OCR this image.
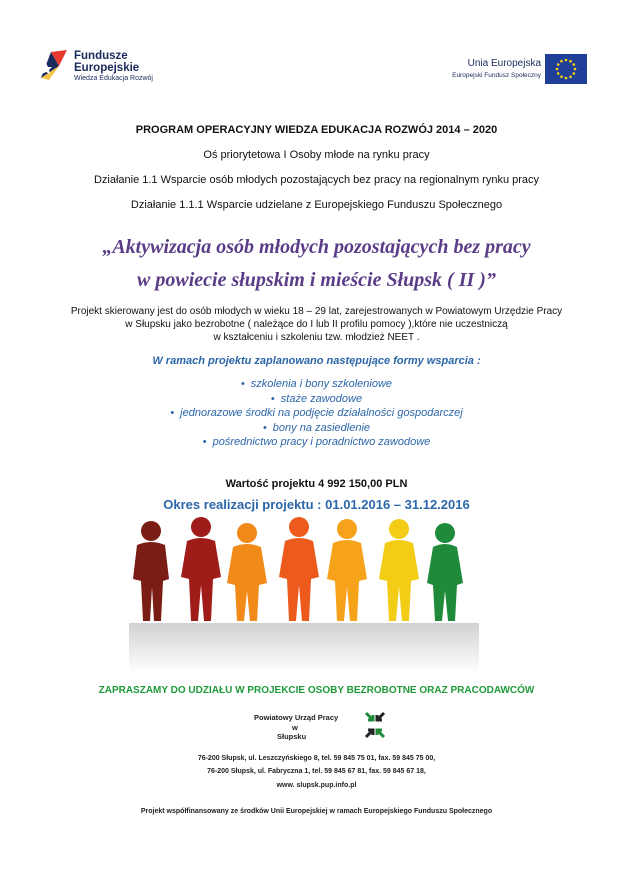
Fundusze
Europejskie
Wiedza Edukacja Rozwój
Unia Europejska
Europejski Fundusz Społeczny
PROGRAM OPERACYJNY WIEDZA EDUKACJA ROZWÓJ 2014 – 2020
Oś priorytetowa I Osoby młode na rynku pracy
Działanie 1.1 Wsparcie osób młodych pozostających bez pracy na regionalnym rynku pracy
Działanie 1.1.1 Wsparcie udzielane z Europejskiego Funduszu Społecznego
„Aktywizacja osób młodych pozostających bez pracy
w powiecie słupskim i mieście Słupsk ( II )”
Projekt skierowany jest do osób młodych w wieku 18 – 29 lat, zarejestrowanych w Powiatowym Urzędzie Pracy
w Słupsku jako bezrobotne ( należące do I lub II profilu pomocy ),które nie uczestniczą
w kształceniu i szkoleniu tzw. młodzież NEET .
W ramach projektu zaplanowano następujące formy wsparcia :
• szkolenia i bony szkoleniowe
• staże zawodowe
• jednorazowe środki na podjęcie działalności gospodarczej
• bony na zasiedlenie
• pośrednictwo pracy i poradnictwo zawodowe
Wartość projektu 4 992 150,00 PLN
Okres realizacji projektu : 01.01.2016 – 31.12.2016
ZAPRASZAMY DO UDZIAŁU W PROJEKCIE OSOBY BEZROBOTNE ORAZ PRACODAWCÓW
Powiatowy Urząd Pracy
w
Słupsku
76-200 Słupsk, ul. Leszczyńskiego 8, tel. 59 845 75 01, fax. 59 845 75 00,
76-200 Słupsk, ul. Fabryczna 1, tel. 59 845 67 81, fax. 59 845 67 18,
www. slupsk.pup.info.pl
Projekt współfinansowany ze środków Unii Europejskiej w ramach Europejskiego Funduszu Społecznego
